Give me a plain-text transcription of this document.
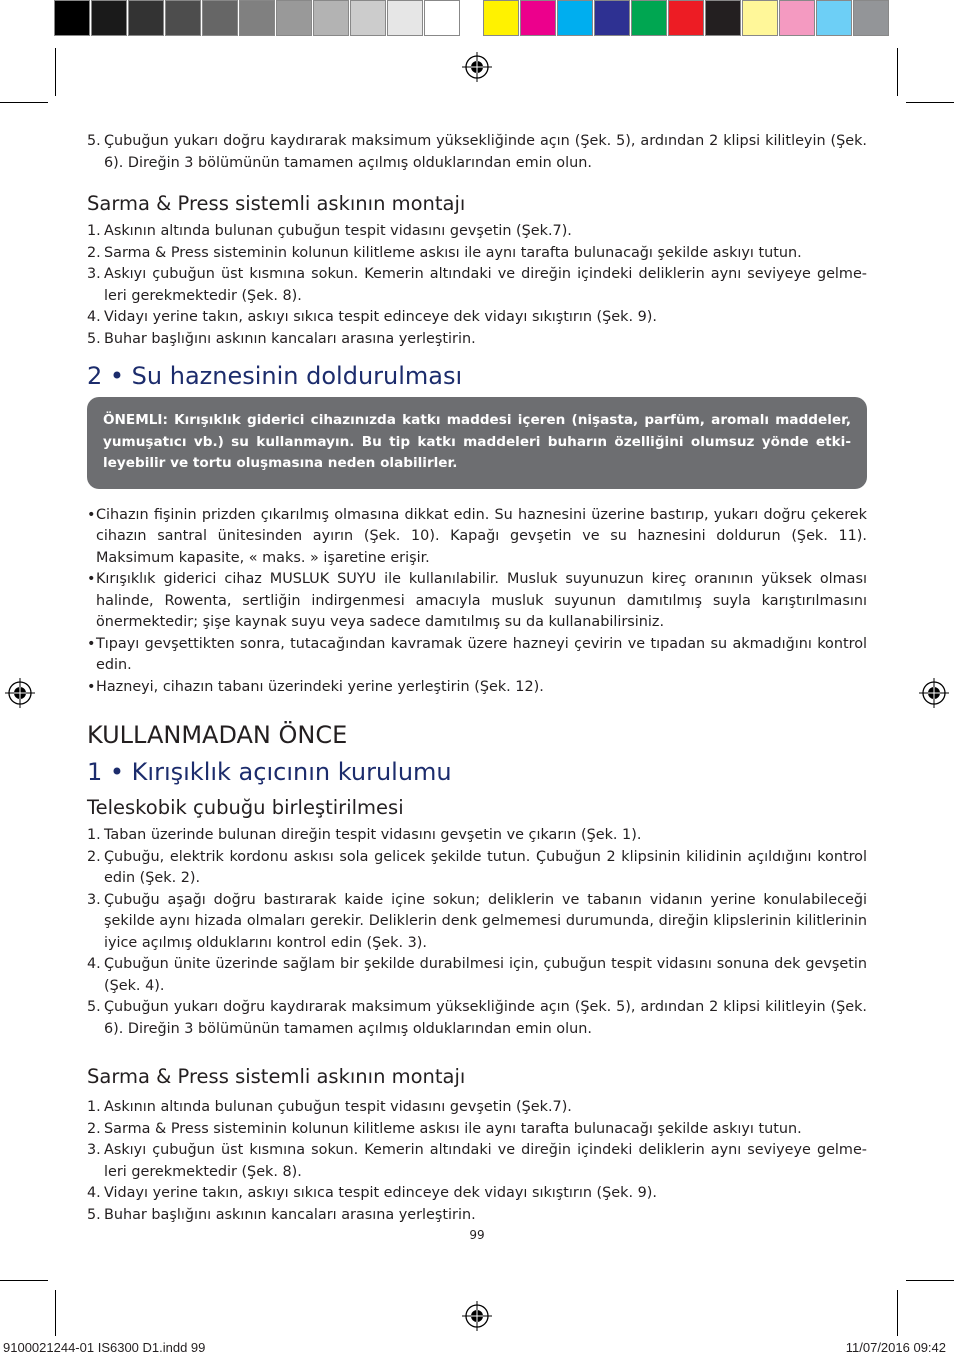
5. Çubuğun yukarı doğru kaydırarak maksimum yüksekliğinde açın (Şek. 5), ardından 2 klipsi kilitleyin (Şek. 6). Direğin 3 bölümünün tamamen açılmış olduklarından emin olun.
Sarma & Press sistemli askının montajı
1. Askının altında bulunan çubuğun tespit vidasını gevşetin (Şek.7).
2. Sarma & Press sisteminin kolunun kilitleme askısı ile aynı tarafta bulunacağı şekilde askıyı tutun.
3. Askıyı çubuğun üst kısmına sokun. Kemerin altındaki ve direğin içindeki deliklerin aynı seviyeye gelme-leri gerekmektedir (Şek. 8).
4. Vidayı yerine takın, askıyı sıkıca tespit edinceye dek vidayı sıkıştırın (Şek. 9).
5. Buhar başlığını askının kancaları arasına yerleştirin.
2 • Su haznesinin doldurulması
ÖNEMLI: Kırışıklık giderici cihazınızda katkı maddesi içeren (nişasta, parfüm, aromalı maddeler, yumuşatıcı vb.) su kullanmayın. Bu tip katkı maddeleri buharın özelliğini olumsuz yönde etki-leyebilir ve tortu oluşmasına neden olabilirler.
• Cihazın fişinin prizden çıkarılmış olmasına dikkat edin. Su haznesini üzerine bastırıp, yukarı doğru çekerek cihazın santral ünitesinden ayırın (Şek. 10). Kapağı gevşetin ve su haznesini doldurun (Şek. 11). Maksimum kapasite, « maks. » işaretine erişir.
• Kırışıklık giderici cihaz MUSLUK SUYU ile kullanılabilir. Musluk suyunuzun kireç oranının yüksek olması halinde, Rowenta, sertliğin indirgenmesi amacıyla musluk suyunun damıtılmış suyla karıştırılmasını önermektedir; şişe kaynak suyu veya sadece damıtılmış su da kullanabilirsiniz.
• Tıpayı gevşettikten sonra, tutacağından kavramak üzere hazneyi çevirin ve tıpadan su akmadığını kontrol edin.
• Hazneyi, cihazın tabanı üzerindeki yerine yerleştirin (Şek. 12).
KULLANMADAN ÖNCE
1 • Kırışıklık açıcının kurulumu
Teleskobik çubuğu birleştirilmesi
1. Taban üzerinde bulunan direğin tespit vidasını gevşetin ve çıkarın (Şek. 1).
2. Çubuğu, elektrik kordonu askısı sola gelicek şekilde tutun. Çubuğun 2 klipsinin kilidinin açıldığını kontrol edin (Şek. 2).
3. Çubuğu aşağı doğru bastırarak kaide içine sokun; deliklerin ve tabanın vidanın yerine konulabileceği şekilde aynı hizada olmaları gerekir. Deliklerin denk gelmemesi durumunda, direğin klipslerinin kilitlerinin iyice açılmış olduklarını kontrol edin (Şek. 3).
4. Çubuğun ünite üzerinde sağlam bir şekilde durabilmesi için, çubuğun tespit vidasını sonuna dek gevşetin (Şek. 4).
5. Çubuğun yukarı doğru kaydırarak maksimum yüksekliğinde açın (Şek. 5), ardından 2 klipsi kilitleyin (Şek. 6). Direğin 3 bölümünün tamamen açılmış olduklarından emin olun.
Sarma & Press sistemli askının montajı
1. Askının altında bulunan çubuğun tespit vidasını gevşetin (Şek.7).
2. Sarma & Press sisteminin kolunun kilitleme askısı ile aynı tarafta bulunacağı şekilde askıyı tutun.
3. Askıyı çubuğun üst kısmına sokun. Kemerin altındaki ve direğin içindeki deliklerin aynı seviyeye gelme-leri gerekmektedir (Şek. 8).
4. Vidayı yerine takın, askıyı sıkıca tespit edinceye dek vidayı sıkıştırın (Şek. 9).
5. Buhar başlığını askının kancaları arasına yerleştirin.
99
9100021244-01 IS6300 D1.indd 99	11/07/2016 09:42
